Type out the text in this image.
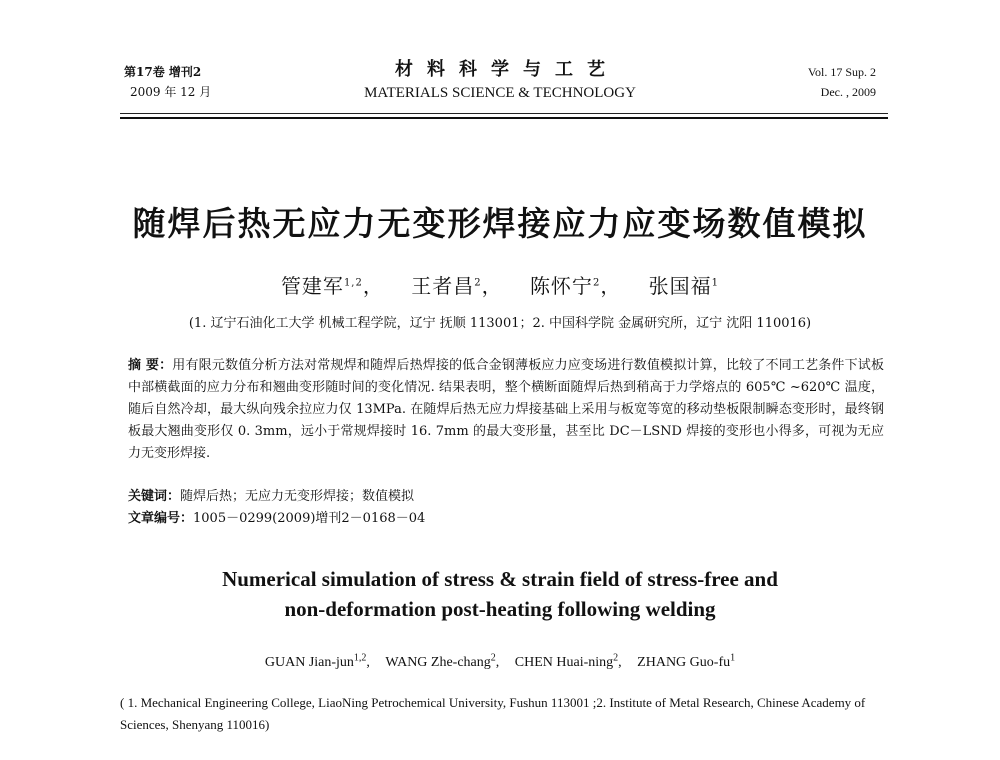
第17卷 增刊2
2009 年 12 月
材料科学与工艺
MATERIALS SCIENCE & TECHNOLOGY
Vol. 17 Sup. 2
Dec. , 2009
随焊后热无应力无变形焊接应力应变场数值模拟
管建军$^{1,2}$， 王者昌$^2$， 陈怀宁$^2$， 张国福$^1$
(1. 辽宁石油化工大学 机械工程学院，辽宁 抚顺 113001；2. 中国科学院 金属研究所，辽宁 沈阳 110016)
摘 要：用有限元数值分析方法对常规焊和随焊后热焊接的低合金钢薄板应力应变场进行数值模拟计算，比较了不同工艺条件下试板中部横截面的应力分布和翘曲变形随时间的变化情况. 结果表明，整个横断面随焊后热到稍高于力学熔点的 605℃ ~620℃ 温度，随后自然冷却，最大纵向残余拉应力仅 13MPa. 在随焊后热无应力焊接基础上采用与板宽等宽的移动垫板限制瞬态变形时，最终钢板最大翘曲变形仅 0. 3mm，远小于常规焊接时 16. 7mm 的最大变形量，甚至比 DC－LSND 焊接的变形也小得多，可视为无应力无变形焊接.
关键词：随焊后热；无应力无变形焊接；数值模拟
文章编号：1005－0299(2009)增刊2－0168－04
Numerical simulation of stress & strain field of stress-free and
non-deformation post-heating following welding
GUAN Jian-jun$^{1,2}$, WANG Zhe-chang$^2$, CHEN Huai-ning$^2$, ZHANG Guo-$fu^1$
( 1. Mechanical Engineering College, LiaoNing Petrochemical University, Fushun 113001 ;2. Institute of Metal Research, Chinese Academy of Sciences, Shenyang 110016)
